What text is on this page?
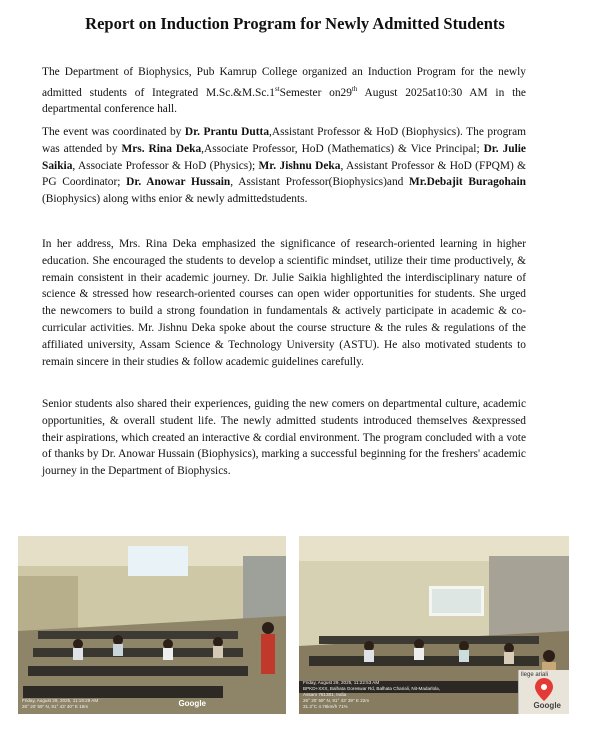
Report on Induction Program for Newly Admitted Students

The Department of Biophysics, Pub Kamrup College organized an Induction Program for the newly admitted students of Integrated M.Sc.&M.Sc.1stSemester on29th August 2025at10:30 AM in the departmental conference hall.

The event was coordinated by Dr. Prantu Dutta,Assistant Professor & HoD (Biophysics). The program was attended by Mrs. Rina Deka,Associate Professor, HoD (Mathematics) & Vice Principal; Dr. Julie Saikia, Associate Professor & HoD (Physics); Mr. Jishnu Deka, Assistant Professor & HoD (FPQM) & PG Coordinator; Dr. Anowar Hussain, Assistant Professor(Biophysics)and Mr.Debajit Buragohain (Biophysics) along withs enior & newly admittedstudents.

In her address, Mrs. Rina Deka emphasized the significance of research-oriented learning in higher education. She encouraged the students to develop a scientific mindset, utilize their time productively, & remain consistent in their academic journey. Dr. Julie Saikia highlighted the interdisciplinary nature of science & stressed how research-oriented courses can open wider opportunities for students. She urged the newcomers to build a strong foundation in fundamentals & actively participate in academic & co-curricular activities. Mr. Jishnu Deka spoke about the course structure & the rules & regulations of the affiliated university, Assam Science & Technology University (ASTU). He also motivated students to remain sincere in their studies & follow academic guidelines carefully.

Senior students also shared their experiences, guiding the new comers on departmental culture, academic opportunities, & overall student life. The newly admitted students introduced themselves &expressed their aspirations, which created an interactive & cordial environment. The program concluded with a vote of thanks by Dr. Anowar Hussain (Biophysics), marking a successful beginning for the freshers' academic journey in the Department of Biophysics.

Friday, August 29, 2025, 11:16:29 AM
26° 20' 59" N, 91° 43' 40" E 18m	Google
Friday, August 29, 2025, 11:22:53 AM
BPKD+XXX, Balhata Goreswar Rd, Balhata Chariali, Nit-Madarlola, Assam 781381, India
26° 20' 59" N, 91° 43' 39" E 22m
31.3°C 4.76km/h 71%
llege ariali
Google
